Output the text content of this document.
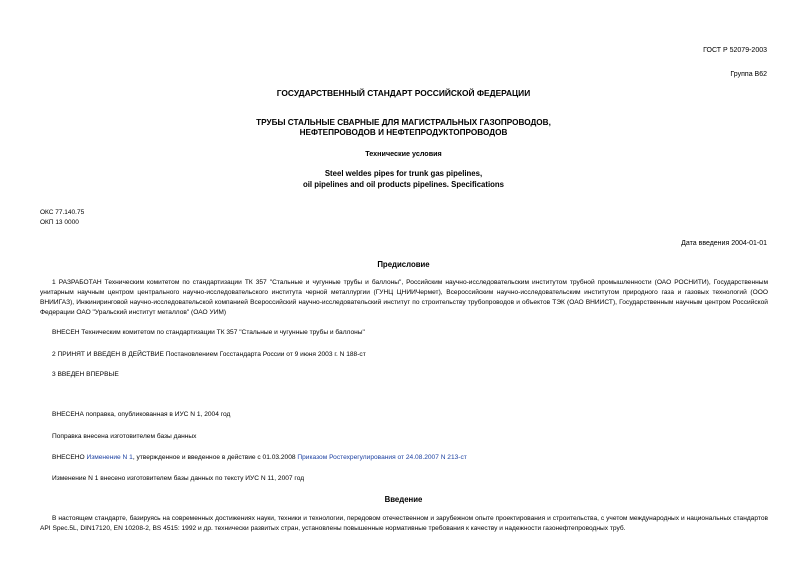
ГОСТ Р 52079-2003
Группа В62
ГОСУДАРСТВЕННЫЙ СТАНДАРТ РОССИЙСКОЙ ФЕДЕРАЦИИ
ТРУБЫ СТАЛЬНЫЕ СВАРНЫЕ ДЛЯ МАГИСТРАЛЬНЫХ ГАЗОПРОВОДОВ,
НЕФТЕПРОВОДОВ И НЕФТЕПРОДУКТОПРОВОДОВ
Технические условия
Steel weldes pipes for trunk gas pipelines,
oil pipelines and oil products pipelines. Specifications
ОКС 77.140.75
ОКП 13 0000
Дата введения 2004-01-01
Предисловие
1 РАЗРАБОТАН Техническим комитетом по стандартизации ТК 357 "Стальные и чугунные трубы и баллоны", Российским научно-исследовательским институтом трубной промышленности (ОАО РОСНИТИ), Государственным унитарным научным центром центрального научно-исследовательского института черной металлургии (ГУНЦ ЦНИИЧермет), Всероссийским научно-исследовательским институтом природного газа и газовых технологий (ООО ВНИИГАЗ), Инжиниринговой научно-исследовательской компанией Всероссийский научно-исследовательский институт по строительству трубопроводов и объектов ТЭК (ОАО ВНИИСТ), Государственным научным центром Российской Федерации ОАО "Уральский институт металлов" (ОАО УИМ)
ВНЕСЕН Техническим комитетом по стандартизации ТК 357 "Стальные и чугунные трубы и баллоны"
2 ПРИНЯТ И ВВЕДЕН В ДЕЙСТВИЕ Постановлением Госстандарта России от 9 июня 2003 г. N 188-ст
3 ВВЕДЕН ВПЕРВЫЕ
ВНЕСЕНА поправка, опубликованная в ИУС N 1, 2004 год
Поправка внесена изготовителем базы данных
ВНЕСЕНО Изменение N 1, утвержденное и введенное в действие с 01.03.2008 Приказом Ростехрегулирования от 24.08.2007 N 213-ст
Изменение N 1 внесено изготовителем базы данных по тексту ИУС N 11, 2007 год
Введение
В настоящем стандарте, базируясь на современных достижениях науки, техники и технологии, передовом отечественном и зарубежном опыте проектирования и строительства, с учетом международных и национальных стандартов API Spec.5L, DIN17120, EN 10208-2, BS 4515: 1992 и др. технически развитых стран, установлены повышенные нормативные требования к качеству и надежности газонефтепроводных труб.
